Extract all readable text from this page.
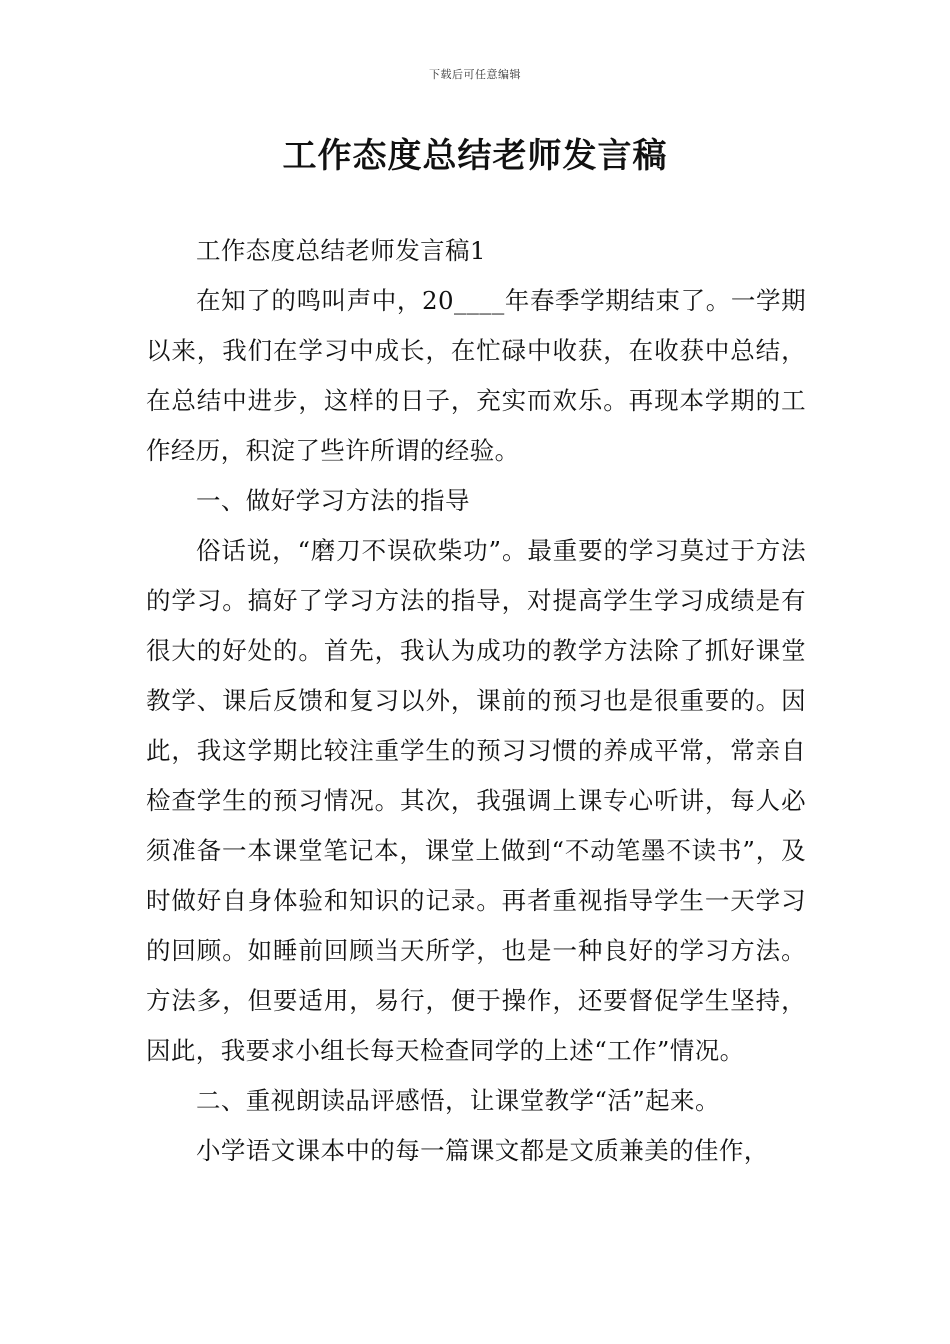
下载后可任意编辑
工作态度总结老师发言稿

工作态度总结老师发言稿1

在知了的鸣叫声中，20____年春季学期结束了。一学期以来，我们在学习中成长，在忙碌中收获，在收获中总结，在总结中进步，这样的日子，充实而欢乐。再现本学期的工作经历，积淀了些许所谓的经验。

一、做好学习方法的指导

俗话说，“磨刀不误砍柴功”。最重要的学习莫过于方法的学习。搞好了学习方法的指导，对提高学生学习成绩是有很大的好处的。首先，我认为成功的教学方法除了抓好课堂教学、课后反馈和复习以外，课前的预习也是很重要的。因此，我这学期比较注重学生的预习习惯的养成平常，常亲自检查学生的预习情况。其次，我强调上课专心听讲，每人必须准备一本课堂笔记本，课堂上做到“不动笔墨不读书”，及时做好自身体验和知识的记录。再者重视指导学生一天学习的回顾。如睡前回顾当天所学，也是一种良好的学习方法。方法多，但要适用，易行，便于操作，还要督促学生坚持，因此，我要求小组长每天检查同学的上述“工作”情况。

二、重视朗读品评感悟，让课堂教学“活”起来。

小学语文课本中的每一篇课文都是文质兼美的佳作，
